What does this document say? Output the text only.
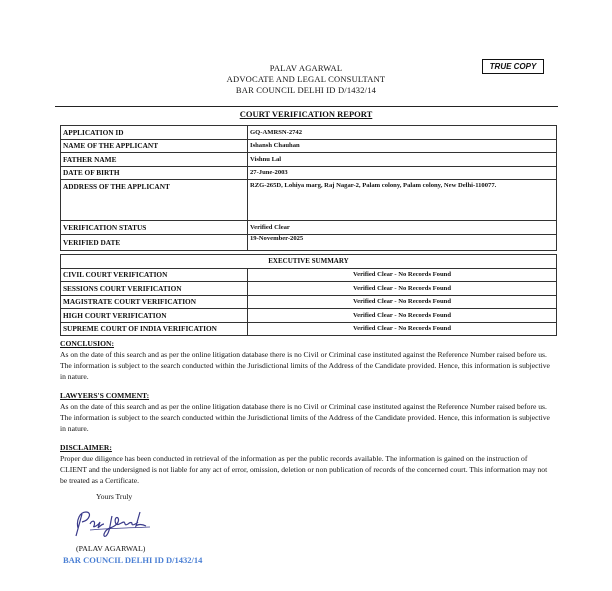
PALAV AGARWAL
ADVOCATE AND LEGAL CONSULTANT
BAR COUNCIL DELHI ID D/1432/14
TRUE COPY
COURT VERIFICATION REPORT
APPLICATION ID	GQ-AMRSN-2742
NAME OF THE APPLICANT	Ishansh Chauhan
FATHER NAME	Vishnu Lal
DATE OF BIRTH	27-June-2003
ADDRESS OF THE APPLICANT	RZG-265D, Lohiya marg, Raj Nagar-2, Palam colony, Palam colony, New Delhi-110077.
VERIFICATION STATUS	Verified Clear
VERIFIED DATE	19-November-2025
EXECUTIVE SUMMARY	
CIVIL COURT VERIFICATION	Verified Clear - No Records Found
SESSIONS COURT VERIFICATION	Verified Clear - No Records Found
MAGISTRATE COURT VERIFICATION	Verified Clear - No Records Found
HIGH COURT VERIFICATION	Verified Clear - No Records Found
SUPREME COURT OF INDIA VERIFICATION	Verified Clear - No Records Found
CONCLUSION:

As on the date of this search and as per the online litigation database there is no Civil or Criminal case instituted against the Reference Number raised before us. The information is subject to the search conducted within the Jurisdictional limits of the Address of the Candidate provided. Hence, this information is subjective in nature.

LAWYERS'S COMMENT:

As on the date of this search and as per the online litigation database there is no Civil or Criminal case instituted against the Reference Number raised before us. The information is subject to the search conducted within the Jurisdictional limits of the Address of the Candidate provided. Hence, this information is subjective in nature.

DISCLAIMER:

Proper due diligence has been conducted in retrieval of the information as per the public records available. The information is gained on the instruction of CLIENT and the undersigned is not liable for any act of error, omission, deletion or non publication of records of the concerned court. This information may not be treated as a Certificate.

Yours Truly
(PALAV AGARWAL)
BAR COUNCIL DELHI ID D/1432/14
